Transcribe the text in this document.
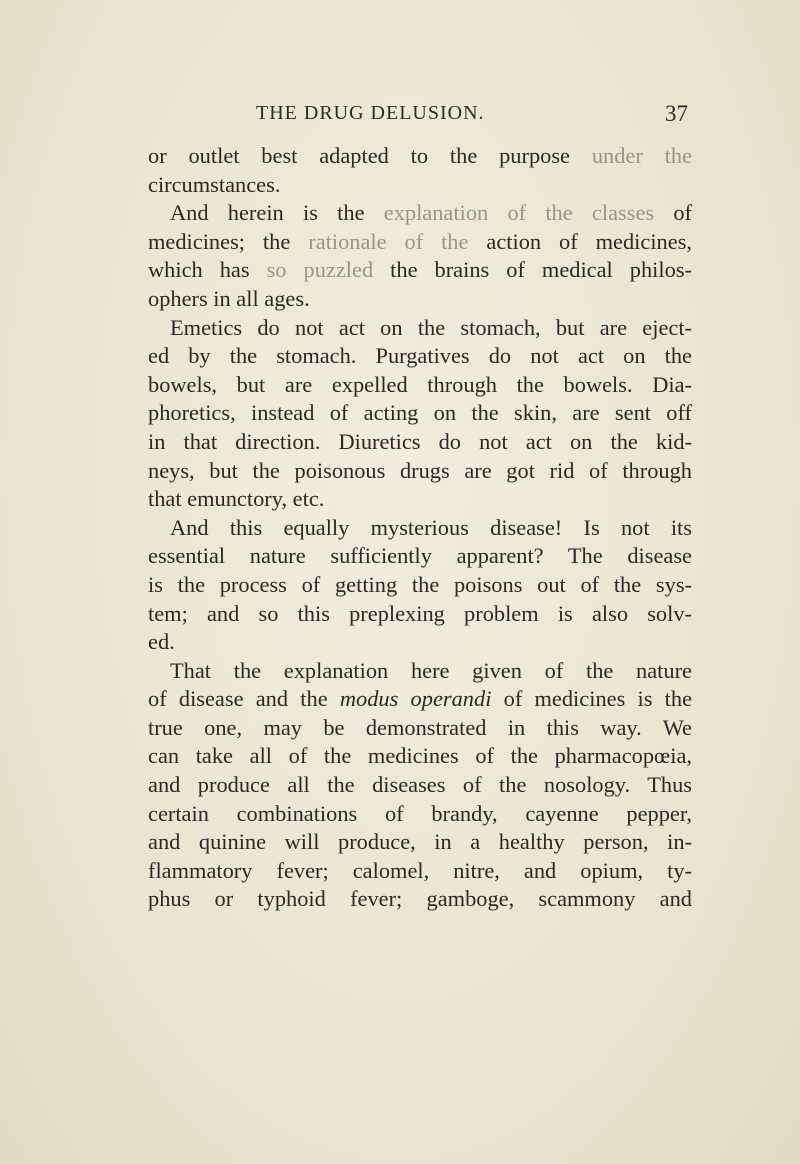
THE DRUG DELUSION.	37
or outlet best adapted to the purpose under the
circumstances.
And herein is the explanation of the classes of
medicines; the rationale of the action of medicines,
which has so puzzled the brains of medical philos-
ophers in all ages.
Emetics do not act on the stomach, but are eject-
ed by the stomach. Purgatives do not act on the
bowels, but are expelled through the bowels. Dia-
phoretics, instead of acting on the skin, are sent off
in that direction. Diuretics do not act on the kid-
neys, but the poisonous drugs are got rid of through
that emunctory, etc.
And this equally mysterious disease! Is not its
essential nature sufficiently apparent? The disease
is the process of getting the poisons out of the sys-
tem; and so this preplexing problem is also solv-
ed.
That the explanation here given of the nature
of disease and the modus operandi of medicines is the
true one, may be demonstrated in this way. We
can take all of the medicines of the pharmacopœia,
and produce all the diseases of the nosology. Thus
certain combinations of brandy, cayenne pepper,
and quinine will produce, in a healthy person, in-
flammatory fever; calomel, nitre, and opium, ty-
phus or typhoid fever; gamboge, scammony and
